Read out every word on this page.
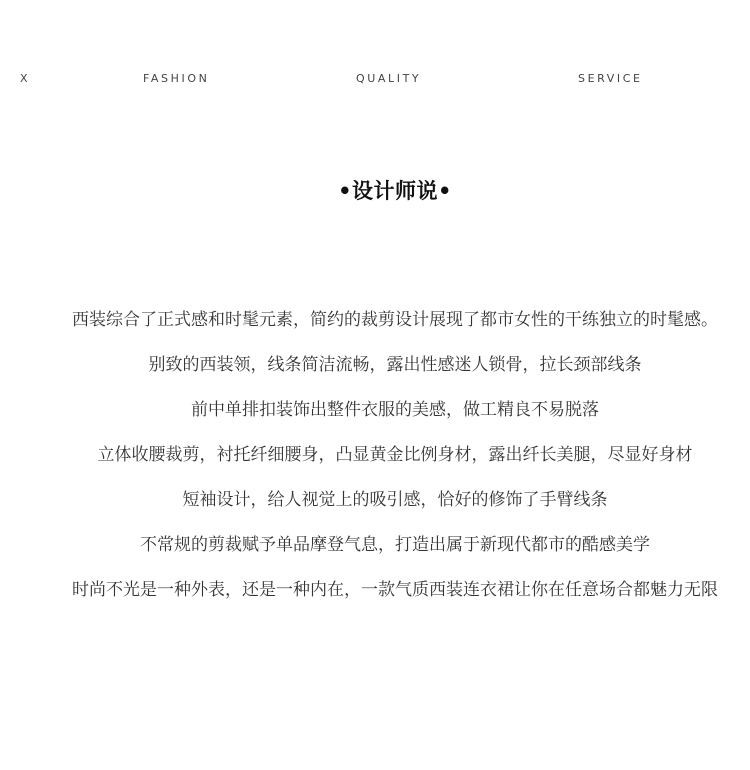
X	FASHION	QUALITY	SERVICE
•设计师说•
西装综合了正式感和时髦元素，简约的裁剪设计展现了都市女性的干练独立的时髦感。
别致的西装领，线条简洁流畅，露出性感迷人锁骨，拉长颈部线条
前中单排扣装饰出整件衣服的美感，做工精良不易脱落
立体收腰裁剪，衬托纤细腰身，凸显黄金比例身材，露出纤长美腿，尽显好身材
短袖设计，给人视觉上的吸引感，恰好的修饰了手臂线条
不常规的剪裁赋予单品摩登气息，打造出属于新现代都市的酷感美学
时尚不光是一种外表，还是一种内在，一款气质西装连衣裙让你在任意场合都魅力无限
